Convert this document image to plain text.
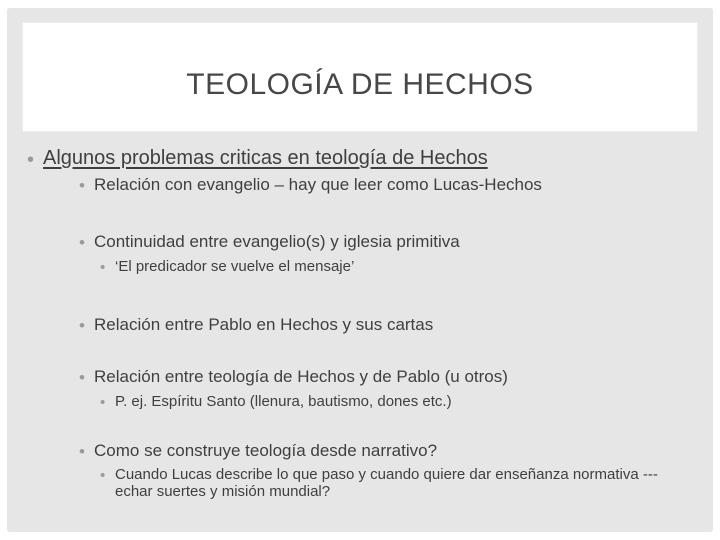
TEOLOGÍA DE HECHOS
• Algunos problemas criticas en teología de Hechos
• Relación con evangelio – hay que leer como Lucas-Hechos
• Continuidad entre evangelio(s) y iglesia primitiva
• ‘El predicador se vuelve el mensaje’
• Relación entre Pablo en Hechos y sus cartas
• Relación entre teología de Hechos y de Pablo (u otros)
• P. ej. Espíritu Santo (llenura, bautismo, dones etc.)
• Como se construye teología desde narrativo?
• Cuando Lucas describe lo que paso y cuando quiere dar enseñanza normativa --- echar suertes y misión mundial?
